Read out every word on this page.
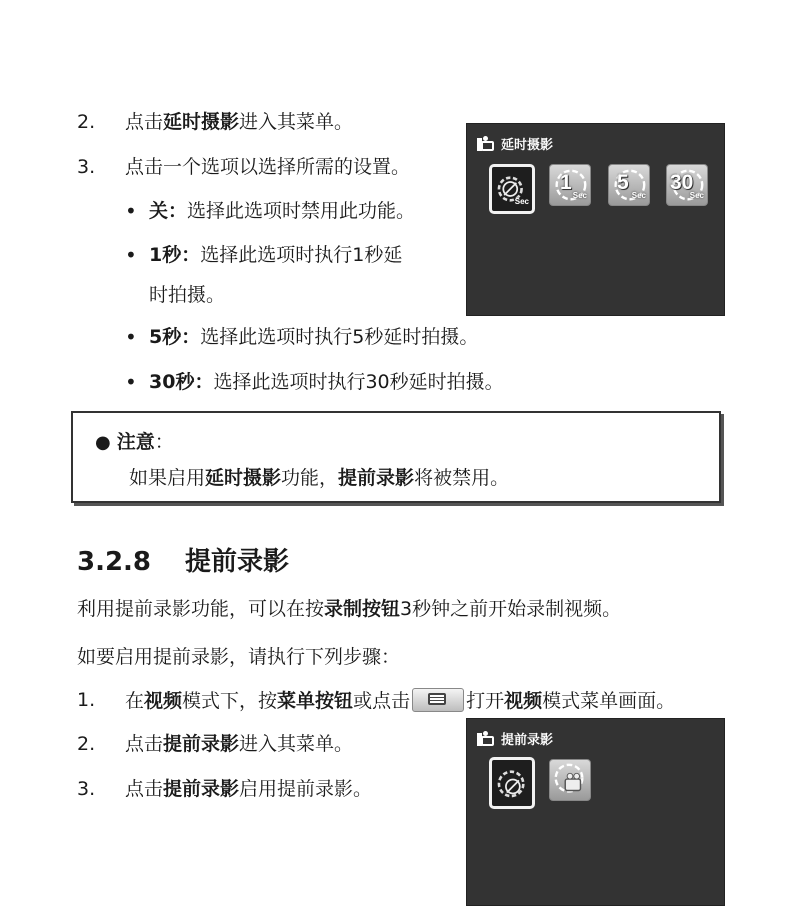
2.	点击延时摄影进入其菜单。
3.	点击一个选项以选择所需的设置。
• 关：选择此选项时禁用此功能。
• 1秒：选择此选项时执行1秒延
时拍摄。
• 5秒：选择此选项时执行5秒延时拍摄。
• 30秒：选择此选项时执行30秒延时拍摄。
延时摄影
Sec
1
Sec
5
Sec
30
Sec
● 注意：
如果启用延时摄影功能，提前录影将被禁用。
3.2.8 提前录影
利用提前录影功能，可以在按录制按钮3秒钟之前开始录制视频。
如要启用提前录影，请执行下列步骤：
1.	在视频模式下，按菜单按钮或点击	打开视频模式菜单画面。
2.	点击提前录影进入其菜单。
3.	点击提前录影启用提前录影。
提前录影
